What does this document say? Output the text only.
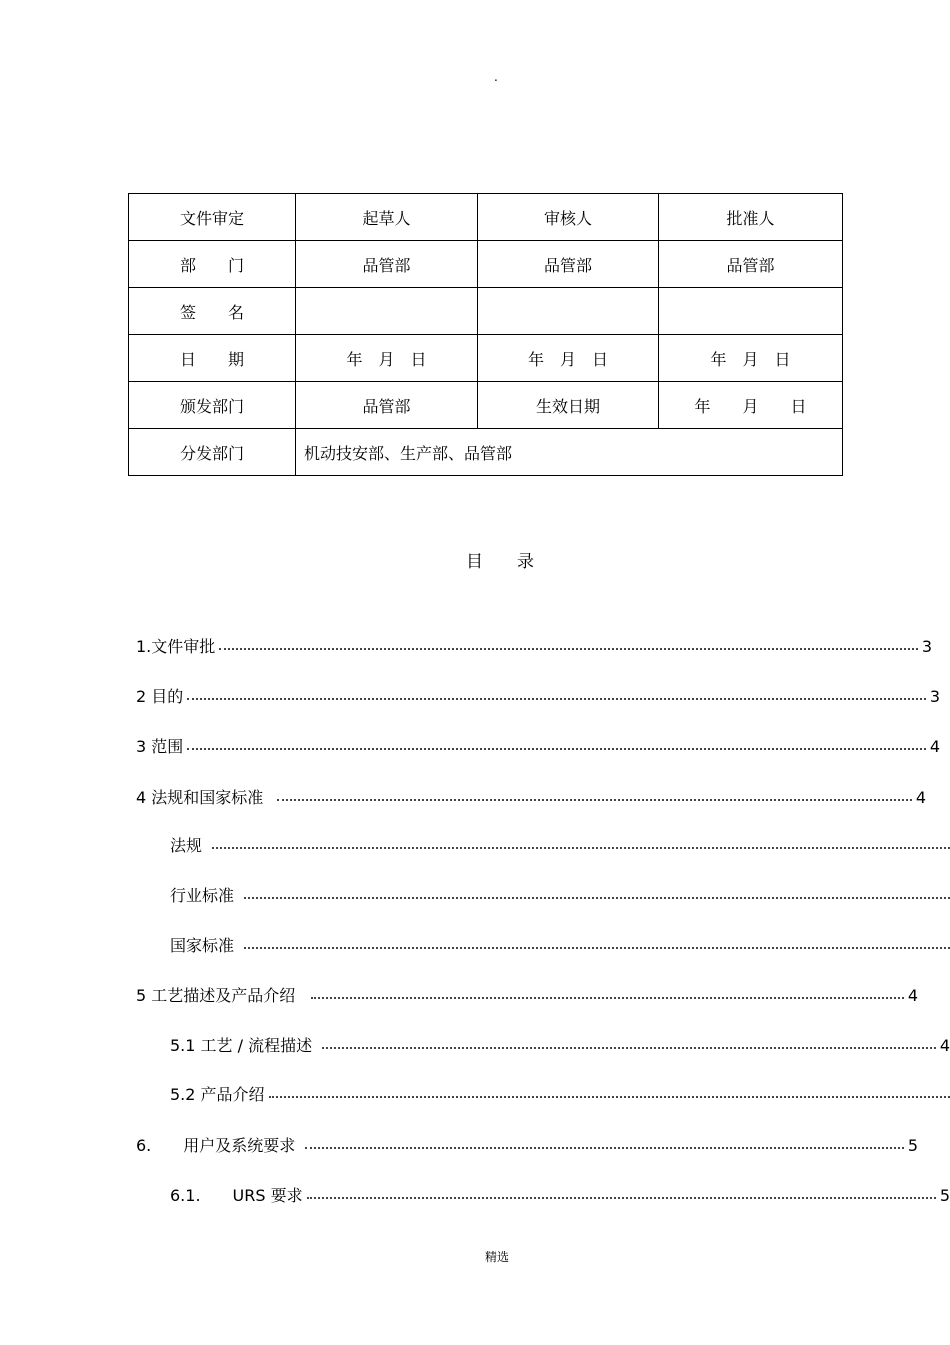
.
文件审定	起草人	审核人	批准人
部　　门	品管部	品管部	品管部
签　　名			
日　　期	年　月　日	年　月　日	年　月　日
颁发部门	品管部	生效日期	年　　月　　日
分发部门	机动技安部、生产部、品管部		
目　　录
1.文件审批	3
2 目的	3
3 范围	4
4 法规和国家标准	4
法规
行业标准
国家标准
5 工艺描述及产品介绍	4
5.1 工艺 / 流程描述	4
5.2 产品介绍
6.　　用户及系统要求	5
6.1.　　URS 要求	5
精选
